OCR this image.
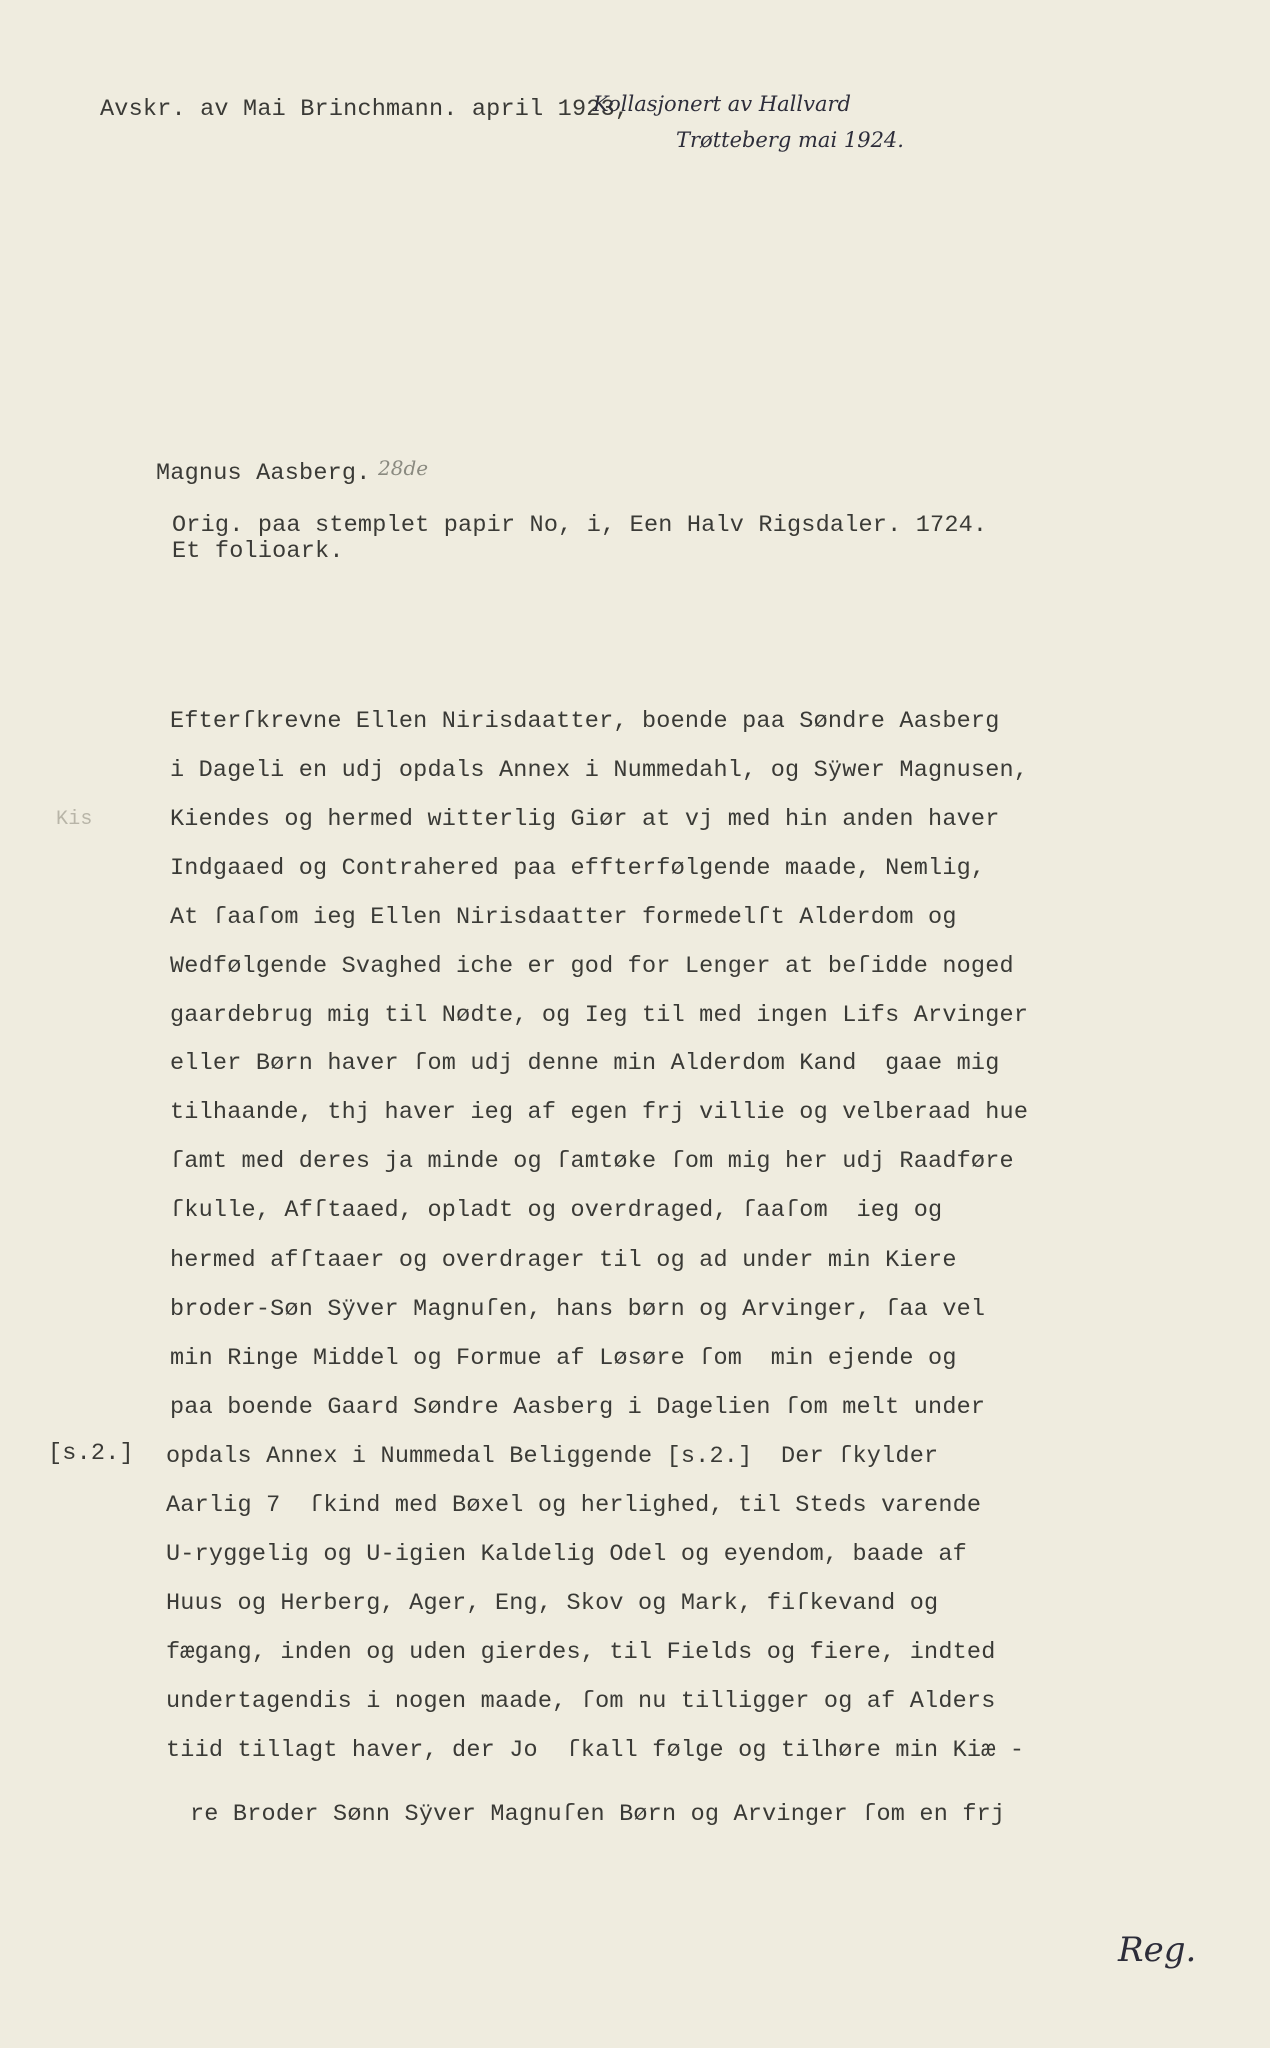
Avskr. av Mai Brinchmann. april 1923,
Kollasjonert av Hallvard
Trøtteberg mai 1924.
Magnus Aasberg. 28de
Orig. paa stemplet papir No, i, Een Halv Rigsdaler. 1724.
Et folioark.
Kis
[s.2.]
Efterſkrevne Ellen Nirisdaatter, boende paa Søndre Aasberg
i Dageli en udj opdals Annex i Nummedahl, og Sÿwer Magnusen,
Kiendes og hermed witterlig Giør at vj med hin anden haver
Indgaaed og Contrahered paa effterfølgende maade, Nemlig,
At ſaaſom ieg Ellen Nirisdaatter formedelſt Alderdom og
Wedfølgende Svaghed iche er god for Lenger at beſidde noged
gaardebrug mig til Nødte, og Ieg til med ingen Lifs Arvinger
eller Børn haver ſom udj denne min Alderdom Kand  gaae mig
tilhaande, thj haver ieg af egen frj villie og velberaad hue
ſamt med deres ja minde og ſamtøke ſom mig her udj Raadføre
ſkulle, Afſtaaed, opladt og overdraged, ſaaſom  ieg og
hermed afſtaaer og overdrager til og ad under min Kiere
broder-Søn Sÿver Magnuſen, hans børn og Arvinger, ſaa vel
min Ringe Middel og Formue af Løsøre ſom  min ejende og
paa boende Gaard Søndre Aasberg i Dagelien ſom melt under
opdals Annex i Nummedal Beliggende [s.2.]  Der ſkylder
Aarlig 7  ſkind med Bøxel og herlighed, til Steds varende
U-ryggelig og U-igien Kaldelig Odel og eyendom, baade af
Huus og Herberg, Ager, Eng, Skov og Mark, fiſkevand og
fægang, inden og uden gierdes, til Fields og fiere, indted
undertagendis i nogen maade, ſom nu tilligger og af Alders
tiid tillagt haver, der Jo  ſkall følge og tilhøre min Kiæ -
re Broder Sønn Sÿver Magnuſen Børn og Arvinger ſom en frj
Reg.
